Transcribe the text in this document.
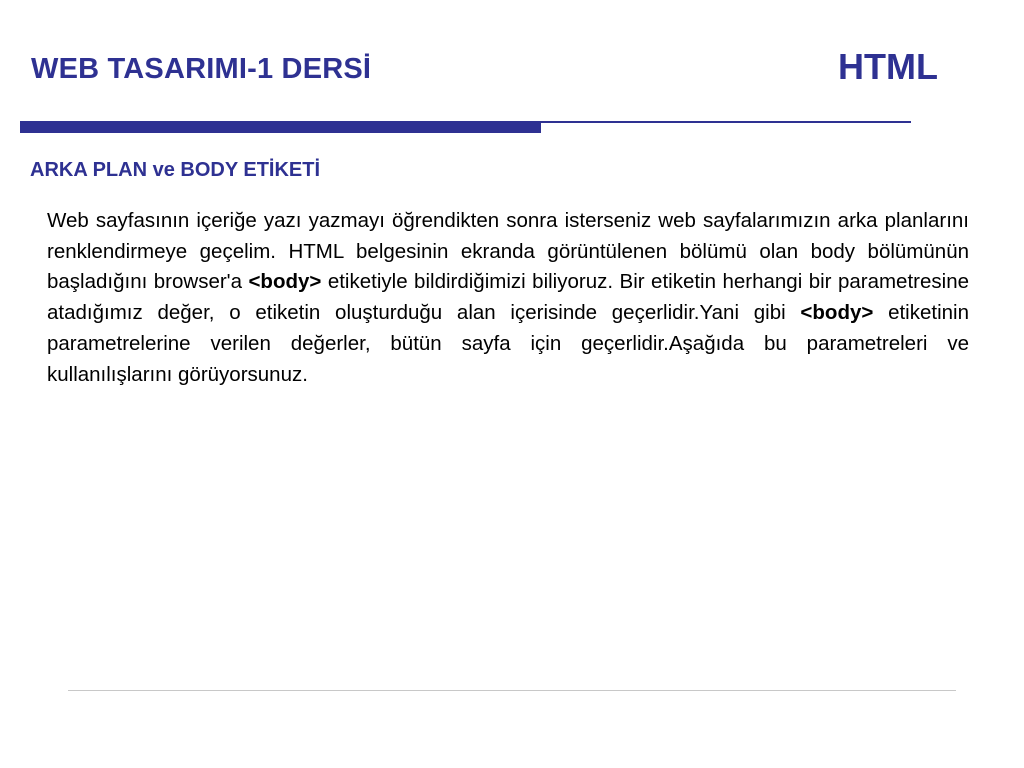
WEB TASARIMI-1 DERSİ	HTML
ARKA PLAN ve BODY ETİKETİ
Web sayfasının içeriğe yazı yazmayı öğrendikten sonra isterseniz web sayfalarımızın arka planlarını renklendirmeye geçelim. HTML belgesinin ekranda görüntülenen bölümü olan body bölümünün başladığını browser'a <body> etiketiyle bildirdiğimizi biliyoruz. Bir etiketin herhangi bir parametresine atadığımız değer, o etiketin oluşturduğu alan içerisinde geçerlidir.Yani gibi <body> etiketinin parametrelerine verilen değerler, bütün sayfa için geçerlidir.Aşağıda bu parametreleri ve kullanılışlarını görüyorsunuz.
